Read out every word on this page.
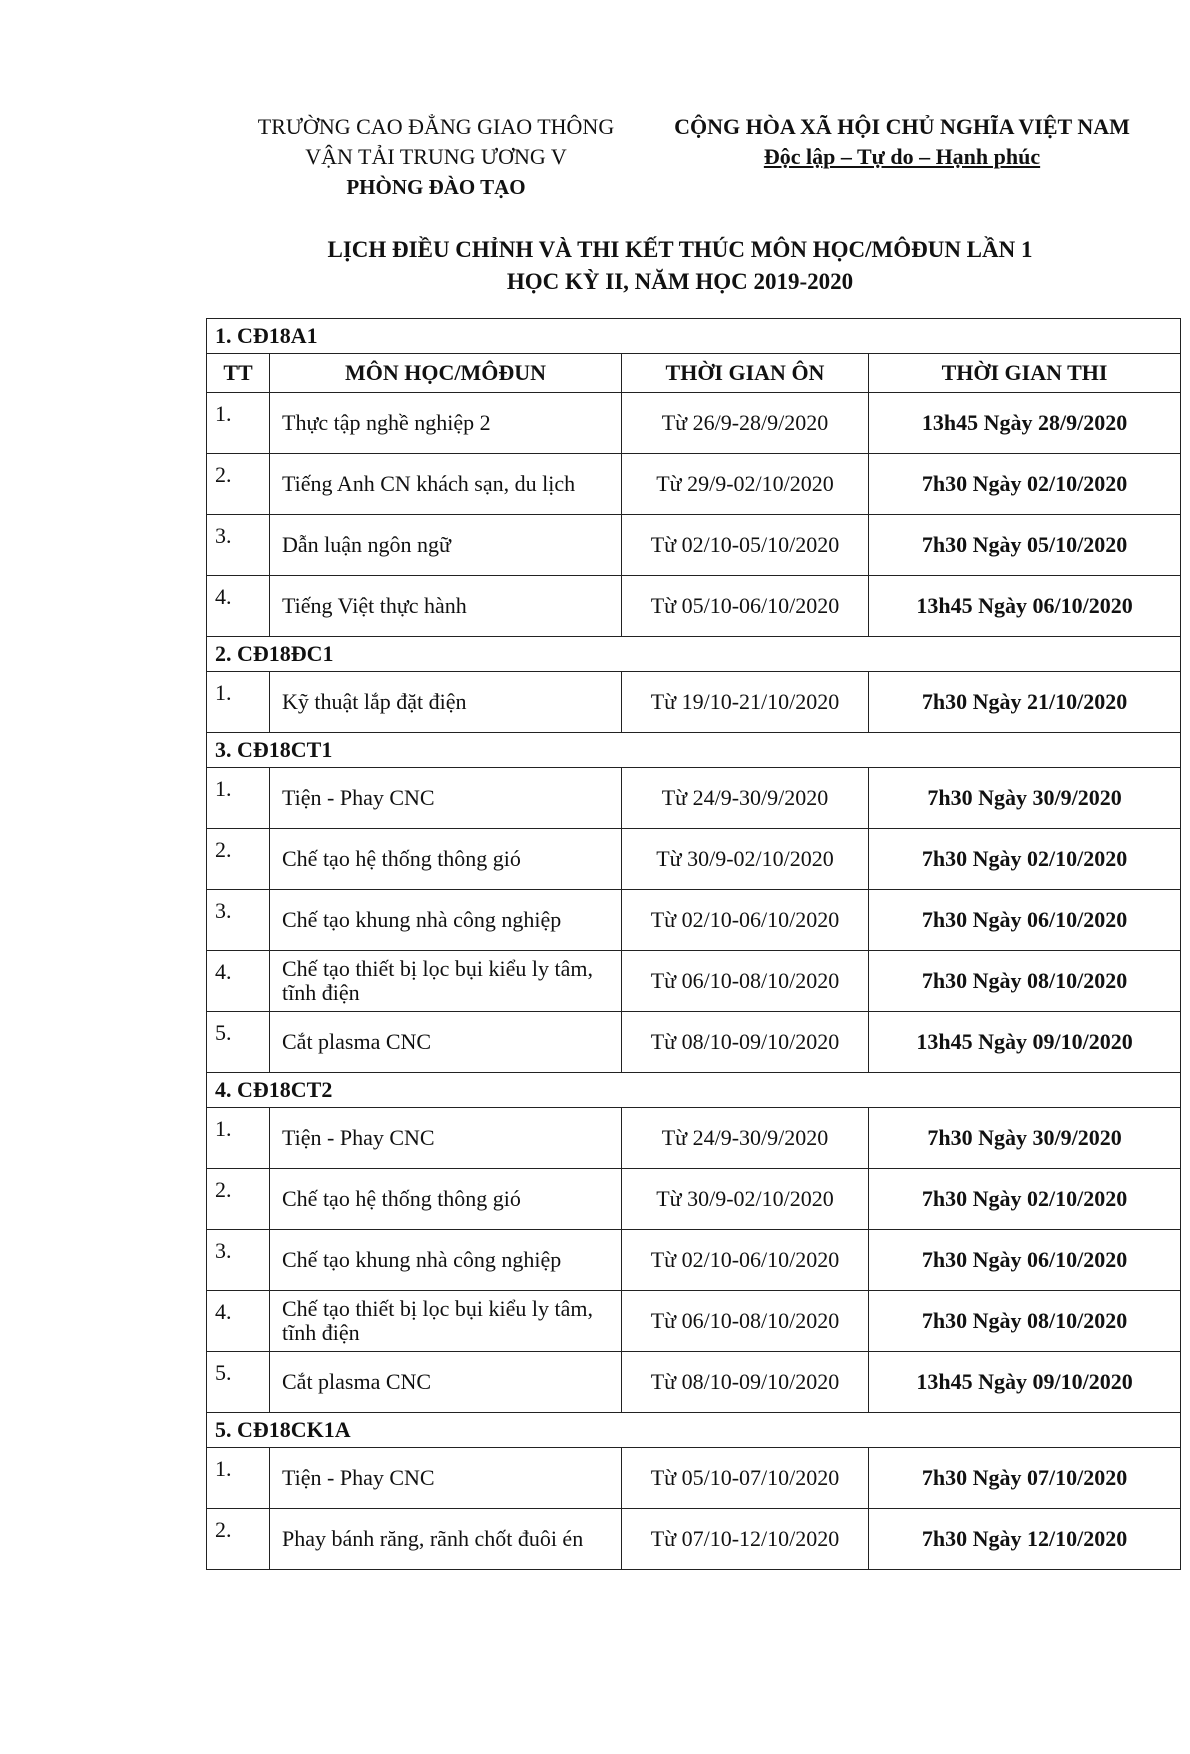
TRƯỜNG CAO ĐẲNG GIAO THÔNG
VẬN TẢI TRUNG ƯƠNG V
PHÒNG ĐÀO TẠO
CỘNG HÒA XÃ HỘI CHỦ NGHĨA VIỆT NAM
Độc lập – Tự do – Hạnh phúc
LỊCH ĐIỀU CHỈNH VÀ THI KẾT THÚC MÔN HỌC/MÔĐUN LẦN 1
HỌC KỲ II, NĂM HỌC 2019-2020
1. CĐ18A1			
TT	MÔN HỌC/MÔĐUN	THỜI GIAN ÔN	THỜI GIAN THI
1.	Thực tập nghề nghiệp 2	Từ 26/9-28/9/2020	13h45 Ngày 28/9/2020
2.	Tiếng Anh CN khách sạn, du lịch	Từ 29/9-02/10/2020	7h30 Ngày 02/10/2020
3.	Dẫn luận ngôn ngữ	Từ 02/10-05/10/2020	7h30 Ngày 05/10/2020
4.	Tiếng Việt thực hành	Từ 05/10-06/10/2020	13h45 Ngày 06/10/2020
2. CĐ18ĐC1			
1.	Kỹ thuật lắp đặt điện	Từ 19/10-21/10/2020	7h30 Ngày 21/10/2020
3. CĐ18CT1			
1.	Tiện - Phay CNC	Từ 24/9-30/9/2020	7h30 Ngày 30/9/2020
2.	Chế tạo hệ thống thông gió	Từ 30/9-02/10/2020	7h30 Ngày 02/10/2020
3.	Chế tạo khung nhà công nghiệp	Từ 02/10-06/10/2020	7h30 Ngày 06/10/2020
4.	Chế tạo thiết bị lọc bụi kiểu ly tâm, tĩnh điện	Từ 06/10-08/10/2020	7h30 Ngày 08/10/2020
5.	Cắt plasma CNC	Từ 08/10-09/10/2020	13h45 Ngày 09/10/2020
4. CĐ18CT2			
1.	Tiện - Phay CNC	Từ 24/9-30/9/2020	7h30 Ngày 30/9/2020
2.	Chế tạo hệ thống thông gió	Từ 30/9-02/10/2020	7h30 Ngày 02/10/2020
3.	Chế tạo khung nhà công nghiệp	Từ 02/10-06/10/2020	7h30 Ngày 06/10/2020
4.	Chế tạo thiết bị lọc bụi kiểu ly tâm, tĩnh điện	Từ 06/10-08/10/2020	7h30 Ngày 08/10/2020
5.	Cắt plasma CNC	Từ 08/10-09/10/2020	13h45 Ngày 09/10/2020
5. CĐ18CK1A			
1.	Tiện - Phay CNC	Từ 05/10-07/10/2020	7h30 Ngày 07/10/2020
2.	Phay bánh răng, rãnh chốt đuôi én	Từ 07/10-12/10/2020	7h30 Ngày 12/10/2020
